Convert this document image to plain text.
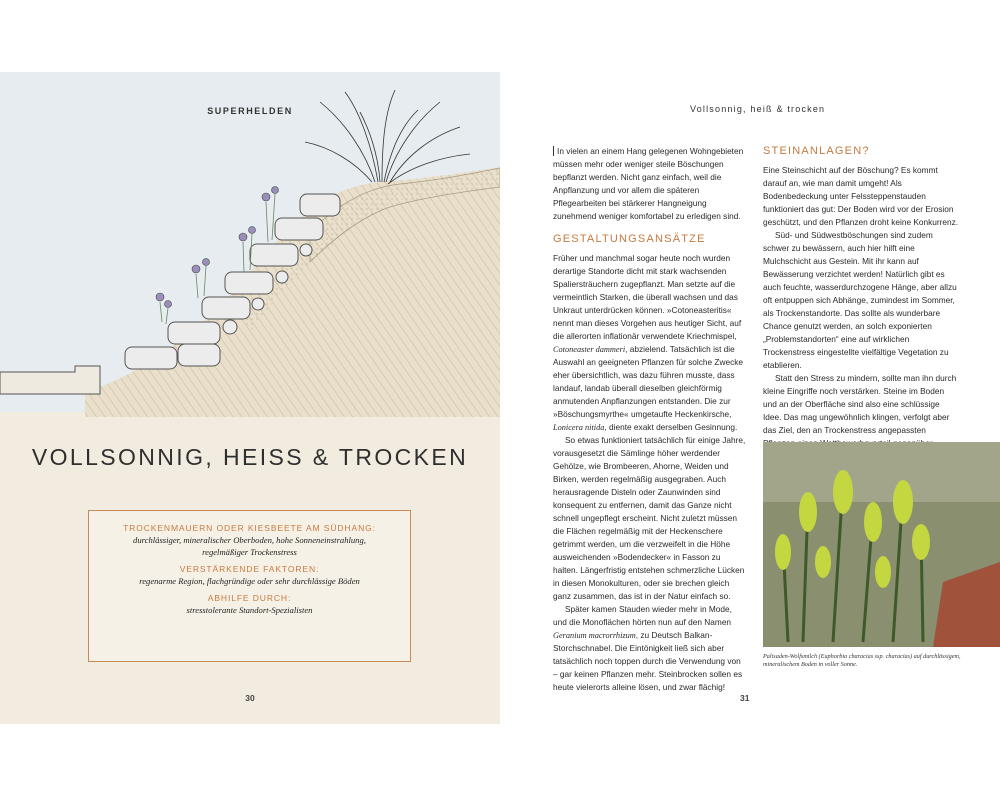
SUPERHELDEN
VOLLSONNIG, HEISS & TROCKEN
TROCKENMAUERN ODER KIESBEETE AM SÜDHANG:
durchlässiger, mineralischer Oberboden, hohe Sonneneinstrahlung,
regelmäßiger Trockenstress
VERSTÄRKENDE FAKTOREN:
regenarme Region, flachgründige oder sehr durchlässige Böden
ABHILFE DURCH:
stresstolerante Standort-Spezialisten
30
Vollsonnig, heiß & trocken

In vielen an einem Hang gelegenen Wohngebieten müssen mehr oder weniger steile Böschungen bepflanzt werden. Nicht ganz einfach, weil die Anpflanzung und vor allem die späteren Pflegearbeiten bei stärkerer Hangneigung zunehmend weniger komfortabel zu erledigen sind.

GESTALTUNGSANSÄTZE

Früher und manchmal sogar heute noch wurden derartige Standorte dicht mit stark wachsenden Spaliersträuchern zugepflanzt. Man setzte auf die vermeintlich Starken, die überall wachsen und das Unkraut unterdrücken können. »Cotoneasteritis« nennt man dieses Vorgehen aus heutiger Sicht, auf die allerorten inflationär verwendete Kriechmispel, Cotoneaster dammeri, abzielend. Tatsächlich ist die Auswahl an geeigneten Pflanzen für solche Zwecke eher übersichtlich, was dazu führen musste, dass landauf, landab überall dieselben gleichförmig anmutenden Anpflanzungen entstanden. Die zur »Böschungsmyrthe« umgetaufte Heckenkirsche, Lonicera nitida, diente exakt derselben Gesinnung.

So etwas funktioniert tatsächlich für einige Jahre, vorausgesetzt die Sämlinge höher werdender Gehölze, wie Brombeeren, Ahorne, Weiden und Birken, werden regelmäßig ausgegraben. Auch herausragende Disteln oder Zaunwinden sind konsequent zu entfernen, damit das Ganze nicht schnell ungepflegt erscheint. Nicht zuletzt müssen die Flächen regelmäßig mit der Heckenschere getrimmt werden, um die verzweifelt in die Höhe ausweichenden »Bodendecker« in Fasson zu halten. Längerfristig entstehen schmerzliche Lücken in diesen Monokulturen, oder sie brechen gleich ganz zusammen, das ist in der Natur einfach so.

Später kamen Stauden wieder mehr in Mode, und die Monoflächen hörten nun auf den Namen Geranium macrorrhizum, zu Deutsch Balkan-Storchschnabel. Die Eintönigkeit ließ sich aber tatsächlich noch toppen durch die Verwendung von – gar keinen Pflanzen mehr. Steinbrocken sollen es heute vielerorts alleine lösen, und zwar flächig!

STEINANLAGEN?

Eine Steinschicht auf der Böschung? Es kommt darauf an, wie man damit umgeht! Als Bodenbedeckung unter Felssteppenstauden funktioniert das gut: Der Boden wird vor der Erosion geschützt, und den Pflanzen droht keine Konkurrenz.

Süd- und Südwestböschungen sind zudem schwer zu bewässern, auch hier hilft eine Mulchschicht aus Gestein. Mit ihr kann auf Bewässerung verzichtet werden! Natürlich gibt es auch feuchte, wasserdurchzogene Hänge, aber allzu oft entpuppen sich Abhänge, zumindest im Sommer, als Trockenstandorte. Das sollte als wunderbare Chance genutzt werden, an solch exponierten „Problemstandorten“ eine auf wirklichen Trockenstress eingestellte vielfältige Vegetation zu etablieren.

Statt den Stress zu mindern, sollte man ihn durch kleine Eingriffe noch verstärken. Steine im Boden und an der Oberfläche sind also eine schlüssige Idee. Das mag ungewöhnlich klingen, verfolgt aber das Ziel, den an Trockenstress angepassten

Palisaden-Wolfsmilch (Euphorbia characias ssp. characias) auf durchlässigem, mineralischem Boden in voller Sonne.
31
